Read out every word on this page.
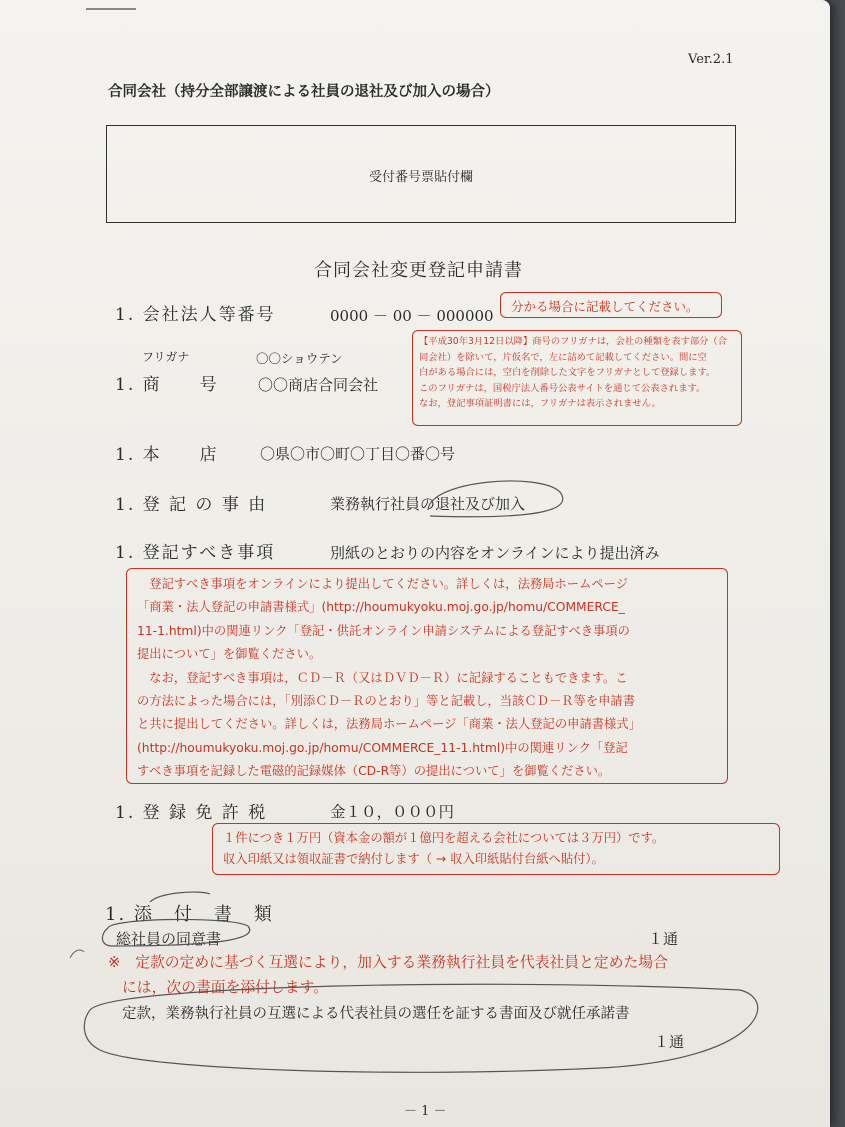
Ver.2.1
合同会社（持分全部譲渡による社員の退社及び加入の場合）
受付番号票貼付欄
合同会社変更登記申請書
1. 会社法人等番号	0000 － 00 － 000000
分かる場合に記載してください。
フリガナ	〇〇ショウテン
1. 商　　号	〇〇商店合同会社
【平成30年3月12日以降】商号のフリガナは，会社の種類を表す部分（合
同会社）を除いて，片仮名で，左に詰めて記載してください。間に空
白がある場合には，空白を削除した文字をフリガナとして登録します。
このフリガナは，国税庁法人番号公表サイトを通じて公表されます。
なお，登記事項証明書には，フリガナは表示されません。
1. 本　　店	〇県〇市〇町〇丁目〇番〇号
1. 登 記 の 事 由	業務執行社員の退社及び加入
1. 登記すべき事項	別紙のとおりの内容をオンラインにより提出済み
　登記すべき事項をオンラインにより提出してください。詳しくは，法務局ホームページ
「商業・法人登記の申請書様式」(http://houmukyoku.moj.go.jp/homu/COMMERCE_
11-1.html)中の関連リンク「登記・供託オンライン申請システムによる登記すべき事項の
提出について」を御覧ください。
　なお，登記すべき事項は，ＣＤ－Ｒ（又はＤＶＤ－Ｒ）に記録することもできます。こ
の方法によった場合には，「別添ＣＤ－Ｒのとおり」等と記載し，当該ＣＤ－Ｒ等を申請書
と共に提出してください。詳しくは，法務局ホームページ「商業・法人登記の申請書様式」
(http://houmukyoku.moj.go.jp/homu/COMMERCE_11-1.html)中の関連リンク「登記
すべき事項を記録した電磁的記録媒体（CD-R等）の提出について」を御覧ください。
1. 登 録 免 許 税	金１０，０００円
１件につき１万円（資本金の額が１億円を超える会社については３万円）です。
収入印紙又は領収証書で納付します（ → 収入印紙貼付台紙へ貼付）。
1. 添　付　書　類
総社員の同意書	１通
※　定款の定めに基づく互選により，加入する業務執行社員を代表社員と定めた場合
には，次の書面を添付します。
定款，業務執行社員の互選による代表社員の選任を証する書面及び就任承諾書
１通
－ 1 －
